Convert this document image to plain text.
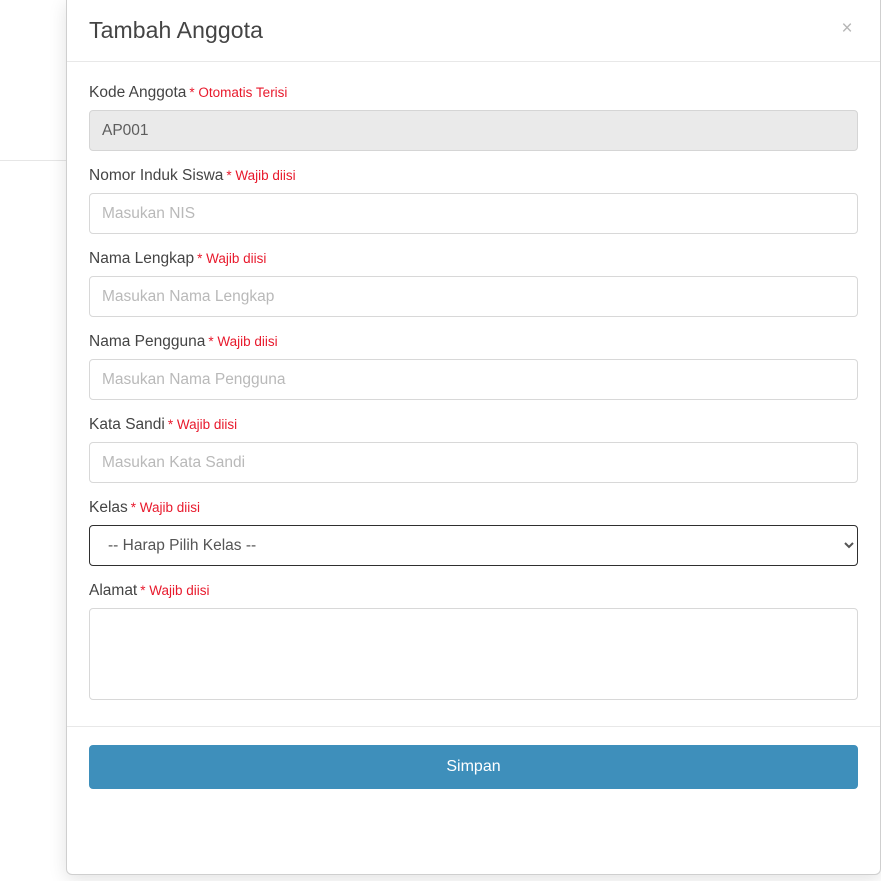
Tambah Anggota	×
Kode Anggota * Otomatis Terisi
AP001
Nomor Induk Siswa * Wajib diisi
Masukan NIS
Nama Lengkap * Wajib diisi
Masukan Nama Lengkap
Nama Pengguna * Wajib diisi
Masukan Nama Pengguna
Kata Sandi * Wajib diisi
Masukan Kata Sandi
Kelas * Wajib diisi
-- Harap Pilih Kelas --
Alamat * Wajib diisi
Simpan
